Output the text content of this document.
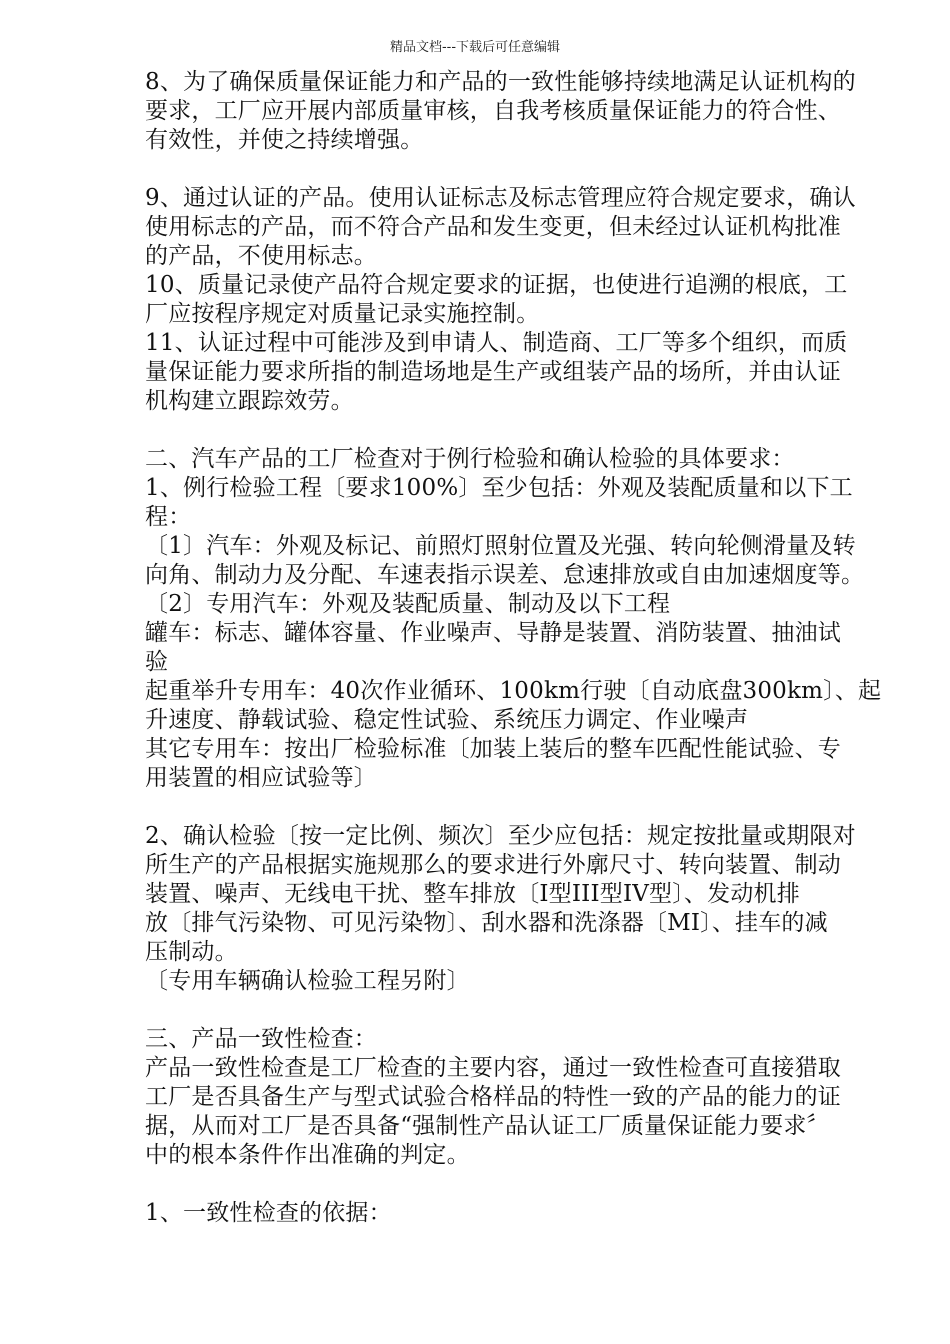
精品文档---下载后可任意编辑
8、为了确保质量保证能力和产品的一致性能够持续地满足认证机构的
要求，工厂应开展内部质量审核，自我考核质量保证能力的符合性、
有效性，并使之持续增强。
9、通过认证的产品。使用认证标志及标志管理应符合规定要求，确认
使用标志的产品，而不符合产品和发生变更，但未经过认证机构批准
的产品，不使用标志。
10、质量记录使产品符合规定要求的证据，也使进行追溯的根底，工
厂应按程序规定对质量记录实施控制。
11、认证过程中可能涉及到申请人、制造商、工厂等多个组织，而质
量保证能力要求所指的制造场地是生产或组装产品的场所，并由认证
机构建立跟踪效劳。
二、汽车产品的工厂检查对于例行检验和确认检验的具体要求：
1、例行检验工程〔要求100%〕至少包括：外观及装配质量和以下工
程：
〔1〕汽车：外观及标记、前照灯照射位置及光强、转向轮侧滑量及转
向角、制动力及分配、车速表指示误差、怠速排放或自由加速烟度等。
〔2〕专用汽车：外观及装配质量、制动及以下工程
罐车：标志、罐体容量、作业噪声、导静是装置、消防装置、抽油试
验
起重举升专用车：40次作业循环、100km行驶〔自动底盘300km〕、起
升速度、静载试验、稳定性试验、系统压力调定、作业噪声
其它专用车：按出厂检验标准〔加装上装后的整车匹配性能试验、专
用装置的相应试验等〕
2、确认检验〔按一定比例、频次〕至少应包括：规定按批量或期限对
所生产的产品根据实施规那么的要求进行外廓尺寸、转向装置、制动
装置、噪声、无线电干扰、整车排放〔I型III型IV型〕、发动机排
放〔排气污染物、可见污染物〕、刮水器和洗涤器〔MI〕、挂车的减
压制动。
〔专用车辆确认检验工程另附〕
三、产品一致性检查：
产品一致性检查是工厂检查的主要内容，通过一致性检查可直接猎取
工厂是否具备生产与型式试验合格样品的特性一致的产品的能力的证
据，从而对工厂是否具备“强制性产品认证工厂质量保证能力要求〞
中的根本条件作出准确的判定。
1、一致性检查的依据：
